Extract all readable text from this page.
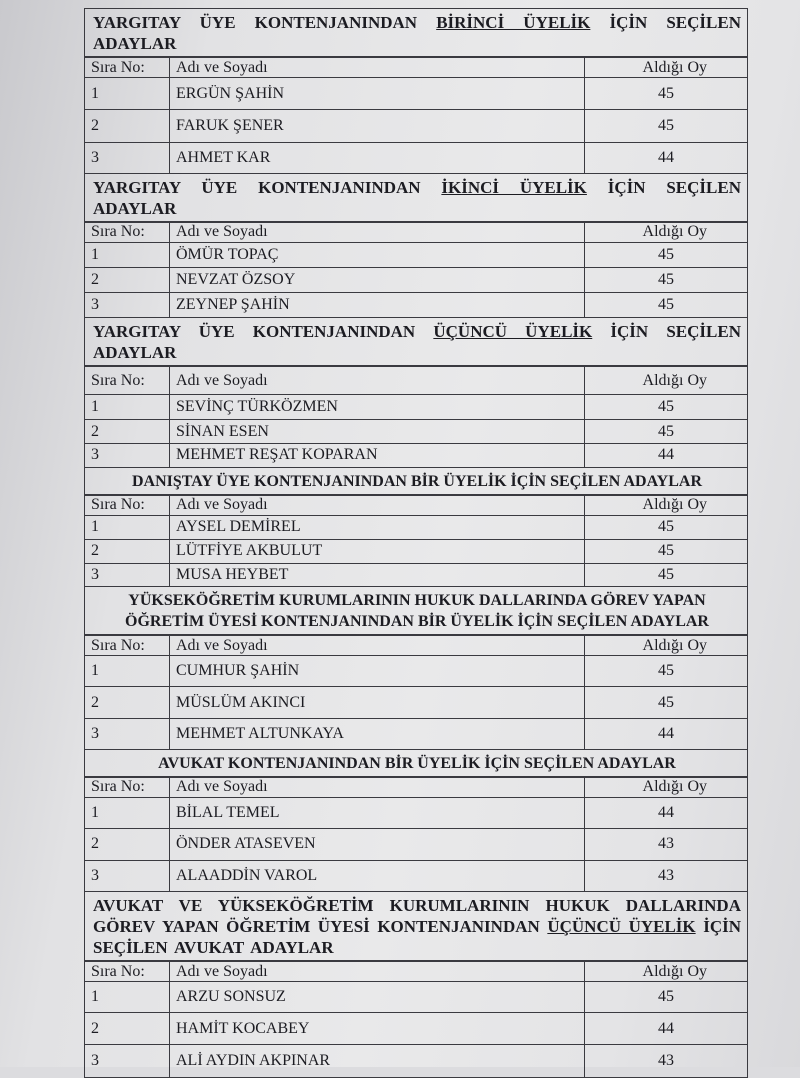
YARGITAY ÜYE KONTENJANINDAN BİRİNCİ ÜYELİK İÇİN SEÇİLEN ADAYLAR
Sıra No:	Adı ve Soyadı	Aldığı Oy
1	ERGÜN ŞAHİN	45
2	FARUK ŞENER	45
3	AHMET KAR	44
YARGITAY ÜYE KONTENJANINDAN İKİNCİ ÜYELİK İÇİN SEÇİLEN ADAYLAR
Sıra No:	Adı ve Soyadı	Aldığı Oy
1	ÖMÜR TOPAÇ	45
2	NEVZAT ÖZSOY	45
3	ZEYNEP ŞAHİN	45
YARGITAY ÜYE KONTENJANINDAN ÜÇÜNCÜ ÜYELİK İÇİN SEÇİLEN ADAYLAR
Sıra No:	Adı ve Soyadı	Aldığı Oy
1	SEVİNÇ TÜRKÖZMEN	45
2	SİNAN ESEN	45
3	MEHMET REŞAT KOPARAN	44
DANIŞTAY ÜYE KONTENJANINDAN BİR ÜYELİK İÇİN SEÇİLEN ADAYLAR
Sıra No:	Adı ve Soyadı	Aldığı Oy
1	AYSEL DEMİREL	45
2	LÜTFİYE AKBULUT	45
3	MUSA HEYBET	45
YÜKSEKÖĞRETİM KURUMLARININ HUKUK DALLARINDA GÖREV YAPAN ÖĞRETİM ÜYESİ KONTENJANINDAN BİR ÜYELİK İÇİN SEÇİLEN ADAYLAR
Sıra No:	Adı ve Soyadı	Aldığı Oy
1	CUMHUR ŞAHİN	45
2	MÜSLÜM AKINCI	45
3	MEHMET ALTUNKAYA	44
AVUKAT KONTENJANINDAN BİR ÜYELİK İÇİN SEÇİLEN ADAYLAR
Sıra No:	Adı ve Soyadı	Aldığı Oy
1	BİLAL TEMEL	44
2	ÖNDER ATASEVEN	43
3	ALAADDİN VAROL	43
AVUKAT VE YÜKSEKÖĞRETİM KURUMLARININ HUKUK DALLARINDA GÖREV YAPAN ÖĞRETİM ÜYESİ KONTENJANINDAN ÜÇÜNCÜ ÜYELİK İÇİN SEÇİLEN AVUKAT ADAYLAR
Sıra No:	Adı ve Soyadı	Aldığı Oy
1	ARZU SONSUZ	45
2	HAMİT KOCABEY	44
3	ALİ AYDIN AKPINAR	43
